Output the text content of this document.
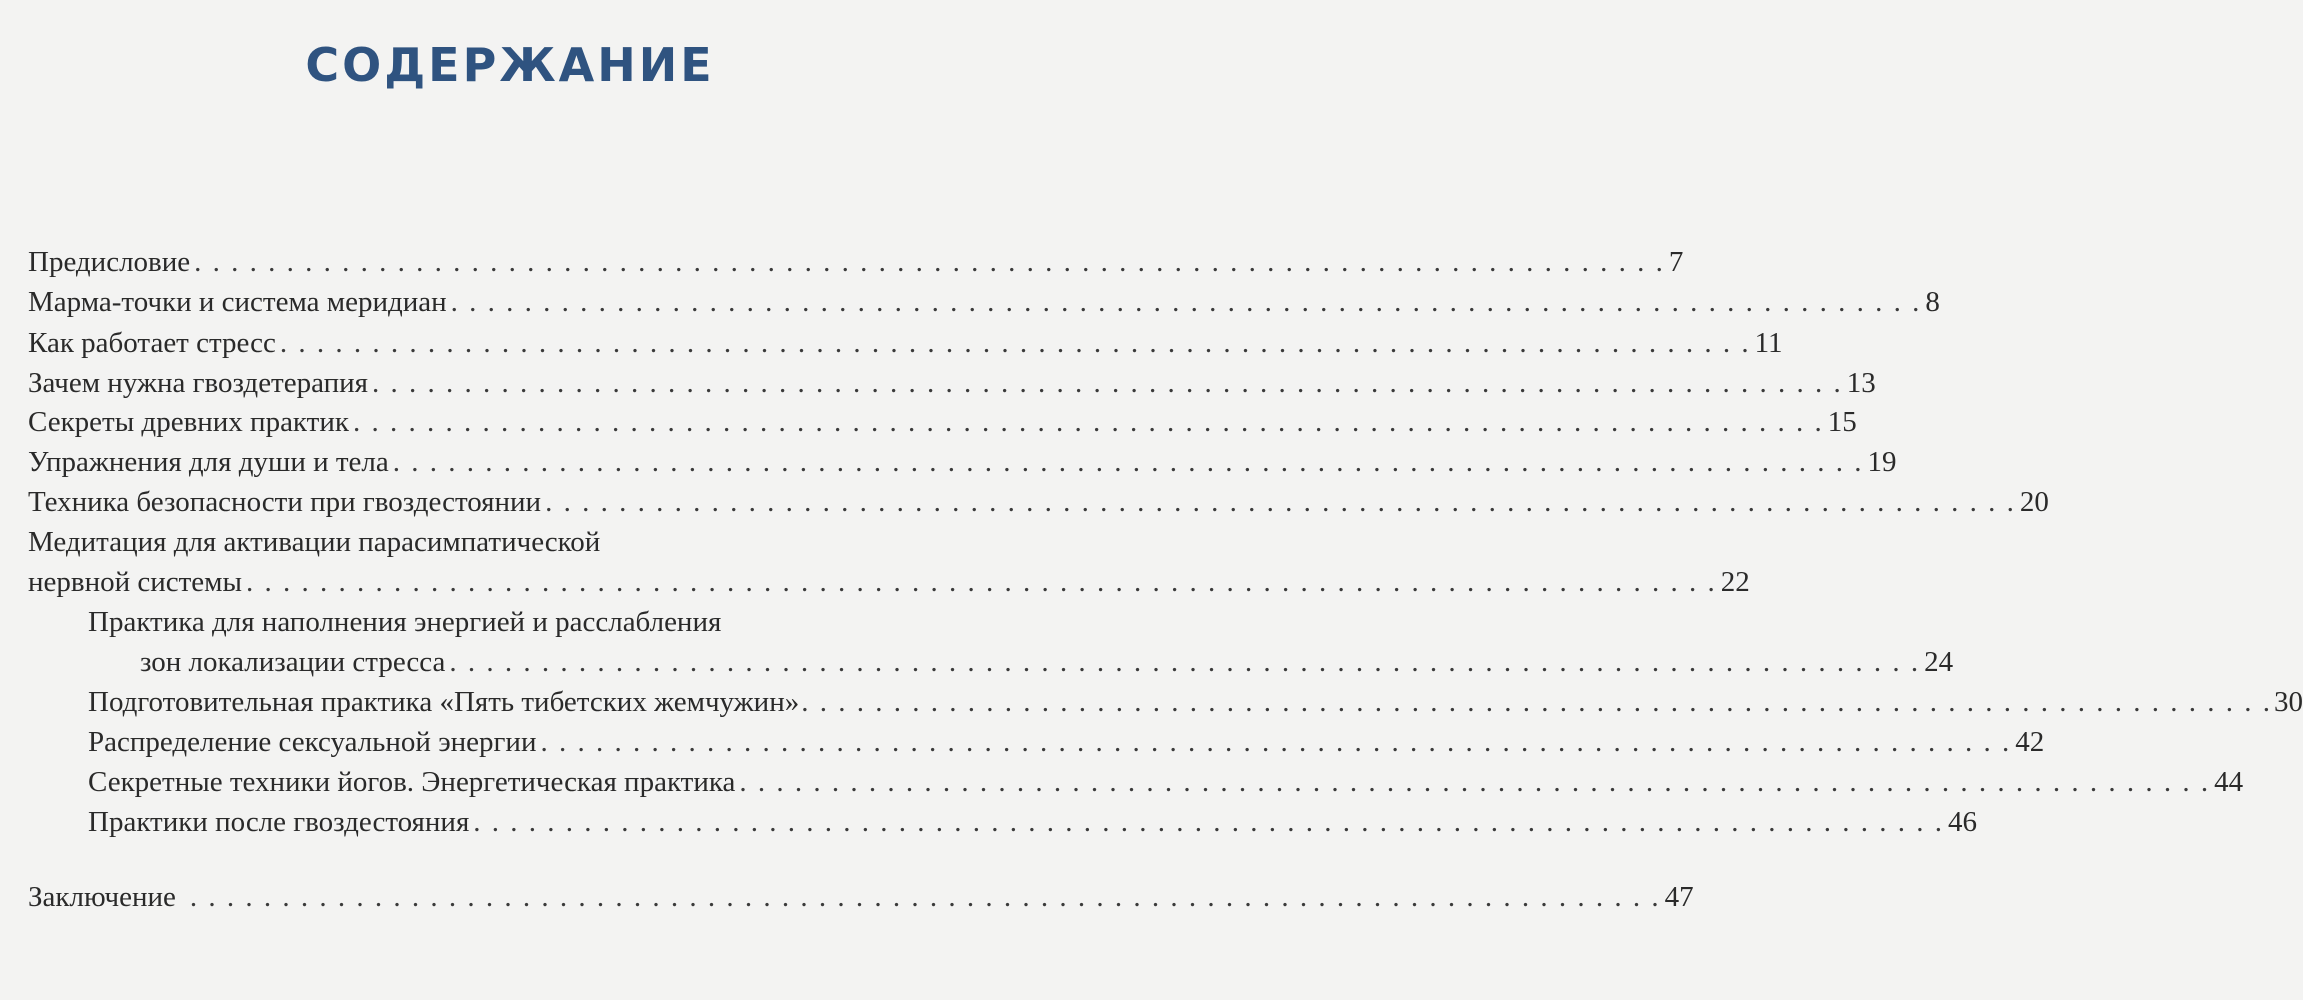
СОДЕРЖАНИЕ
Предисловие . . . . . . . . . . . . . . . . . . . . . . . . . . . . . . . . . . . . . . . . . . . . . . . . . . . . . . . . . . . . . . . . . . . . . . . . . . . . . . . . 7
Марма-точки и система меридиан . . . . . . . . . . . . . . . . . . . . . . . . . . . . . . . . . . . . . . . . . . . . . . . . . . . . . . . . . . . . . . . . . . . . . . . . . . . . . . . . 8
Как работает стресс . . . . . . . . . . . . . . . . . . . . . . . . . . . . . . . . . . . . . . . . . . . . . . . . . . . . . . . . . . . . . . . . . . . . . . . . . . . . . . . . 11
Зачем нужна гвоздетерапия . . . . . . . . . . . . . . . . . . . . . . . . . . . . . . . . . . . . . . . . . . . . . . . . . . . . . . . . . . . . . . . . . . . . . . . . . . . . . . . . 13
Секреты древних практик . . . . . . . . . . . . . . . . . . . . . . . . . . . . . . . . . . . . . . . . . . . . . . . . . . . . . . . . . . . . . . . . . . . . . . . . . . . . . . . . 15
Упражнения для души и тела . . . . . . . . . . . . . . . . . . . . . . . . . . . . . . . . . . . . . . . . . . . . . . . . . . . . . . . . . . . . . . . . . . . . . . . . . . . . . . . . 19
Техника безопасности при гвоздестоянии . . . . . . . . . . . . . . . . . . . . . . . . . . . . . . . . . . . . . . . . . . . . . . . . . . . . . . . . . . . . . . . . . . . . . . . . . . . . . . . . 20
Медитация для активации парасимпатической
нервной системы . . . . . . . . . . . . . . . . . . . . . . . . . . . . . . . . . . . . . . . . . . . . . . . . . . . . . . . . . . . . . . . . . . . . . . . . . . . . . . . . 22
Практика для наполнения энергией и расслабления
зон локализации стресса . . . . . . . . . . . . . . . . . . . . . . . . . . . . . . . . . . . . . . . . . . . . . . . . . . . . . . . . . . . . . . . . . . . . . . . . . . . . . . . . 24
Подготовительная практика «Пять тибетских жемчужин» . . . . . . . . . . . . . . . . . . . . . . . . . . . . . . . . . . . . . . . . . . . . . . . . . . . . . . . . . . . . . . . . . . . . . . . . . . . . . . . . 30
Распределение сексуальной энергии . . . . . . . . . . . . . . . . . . . . . . . . . . . . . . . . . . . . . . . . . . . . . . . . . . . . . . . . . . . . . . . . . . . . . . . . . . . . . . . . 42
Секретные техники йогов. Энергетическая практика . . . . . . . . . . . . . . . . . . . . . . . . . . . . . . . . . . . . . . . . . . . . . . . . . . . . . . . . . . . . . . . . . . . . . . . . . . . . . . . . 44
Практики после гвоздестояния . . . . . . . . . . . . . . . . . . . . . . . . . . . . . . . . . . . . . . . . . . . . . . . . . . . . . . . . . . . . . . . . . . . . . . . . . . . . . . . . 46
Заключение . . . . . . . . . . . . . . . . . . . . . . . . . . . . . . . . . . . . . . . . . . . . . . . . . . . . . . . . . . . . . . . . . . . . . . . . . . . . . . . . 47
